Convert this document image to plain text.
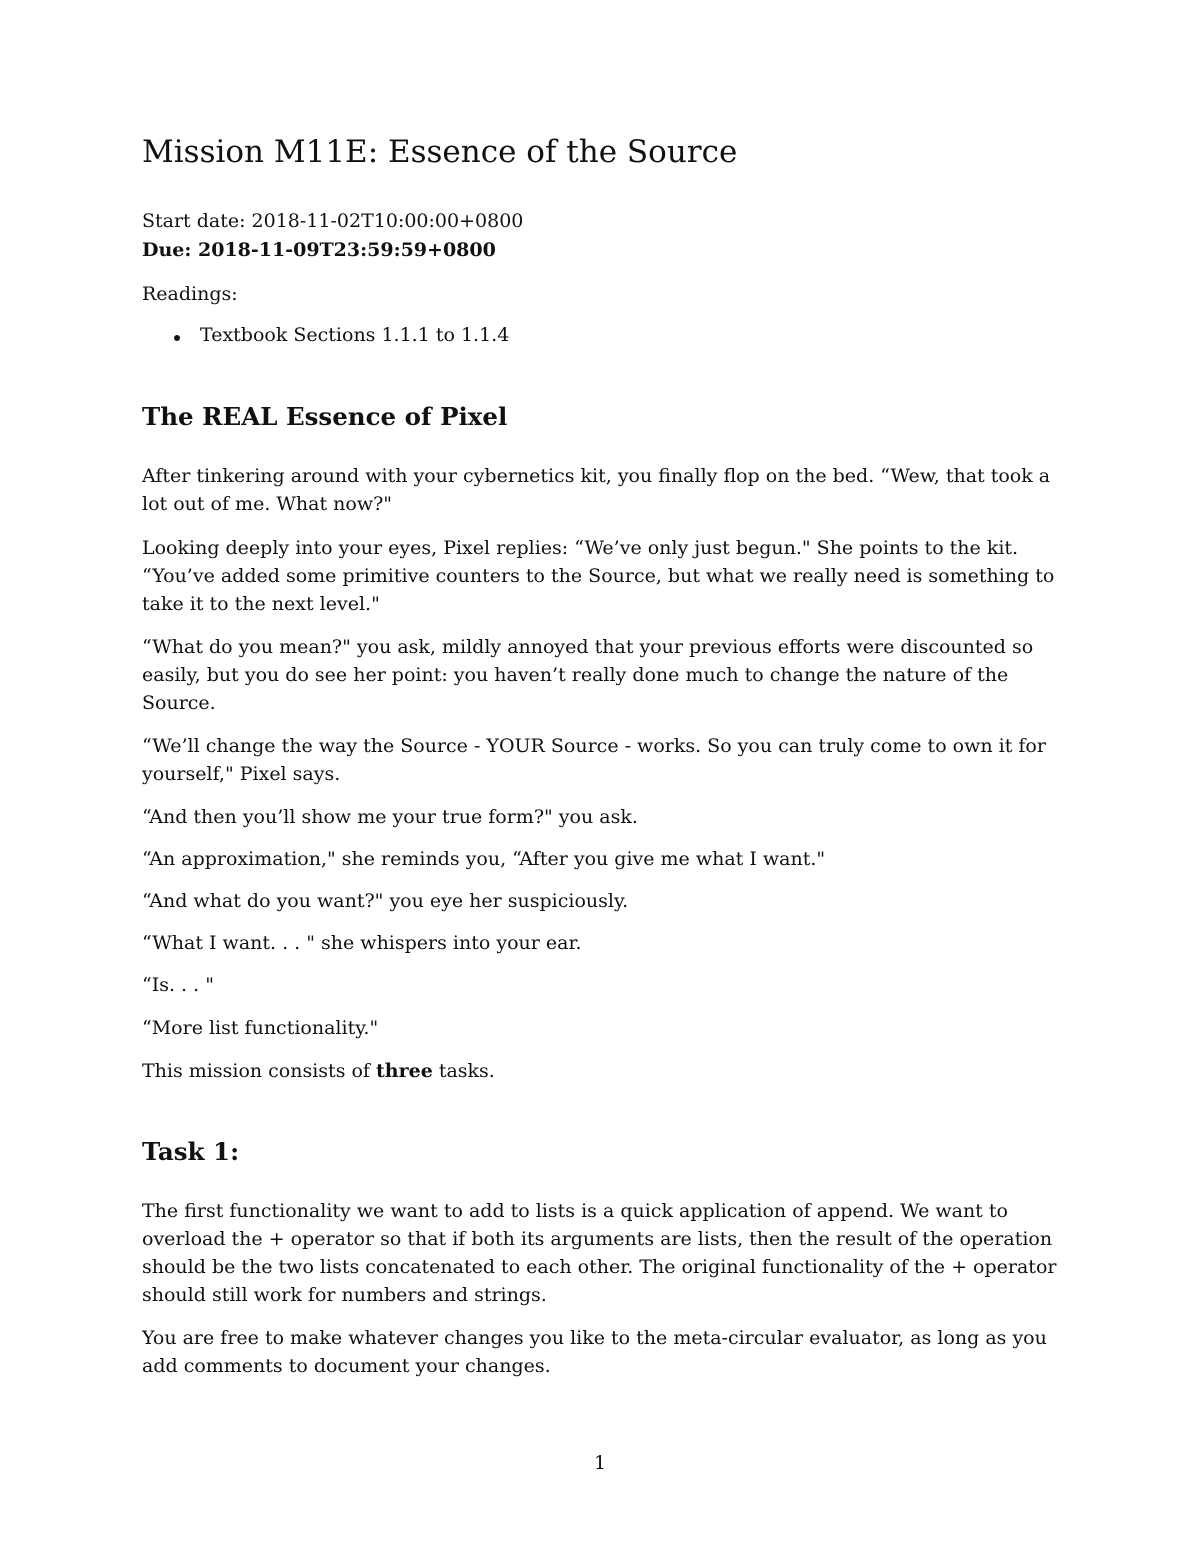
Mission M11E: Essence of the Source

Start date: 2018-11-02T10:00:00+0800

Due: 2018-11-09T23:59:59+0800

Readings:

Textbook Sections 1.1.1 to 1.1.4
The REAL Essence of Pixel

After tinkering around with your cybernetics kit, you finally flop on the bed. “Wew, that took a lot out of me. What now?"

Looking deeply into your eyes, Pixel replies: “We’ve only just begun." She points to the kit. “You’ve added some primitive counters to the Source, but what we really need is something to take it to the next level."

“What do you mean?" you ask, mildly annoyed that your previous efforts were discounted so easily, but you do see her point: you haven’t really done much to change the nature of the Source.

“We’ll change the way the Source - YOUR Source - works. So you can truly come to own it for yourself," Pixel says.

“And then you’ll show me your true form?" you ask.

“An approximation," she reminds you, “After you give me what I want."

“And what do you want?" you eye her suspiciously.

“What I want. . . " she whispers into your ear.

“Is. . . "

“More list functionality."

This mission consists of three tasks.

Task 1:

The first functionality we want to add to lists is a quick application of append. We want to overload the + operator so that if both its arguments are lists, then the result of the operation should be the two lists concatenated to each other. The original functionality of the + operator should still work for numbers and strings.

You are free to make whatever changes you like to the meta-circular evaluator, as long as you add comments to document your changes.

1
